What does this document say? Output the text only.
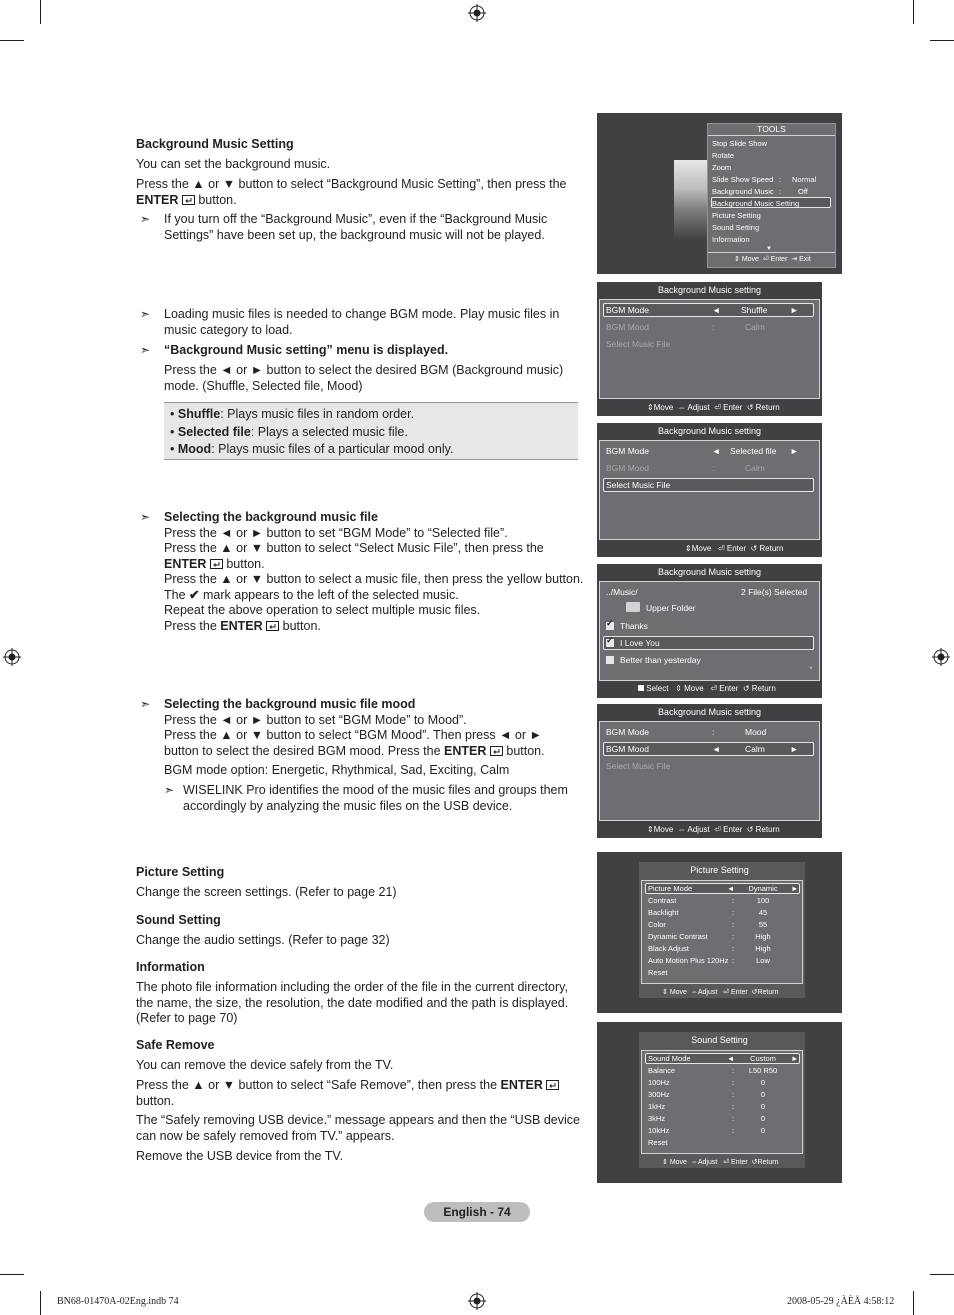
Background Music Setting
You can set the background music.
Press the ▲ or ▼ button to select “Background Music Setting”, then press the
ENTER button.
➣ If you turn off the “Background Music”, even if the “Background Music Settings” have been set up, the background music will not be played.
➣ Loading music files is needed to change BGM mode. Play music files in music category to load.
➣ “Background Music setting” menu is displayed.
Press the ◄ or ► button to select the desired BGM (Background music) mode. (Shuffle, Selected file, Mood)
• Shuffle: Plays music files in random order.
• Selected file: Plays a selected music file.
• Mood: Plays music files of a particular mood only.
➣ Selecting the background music file
Press the ◄ or ► button to set “BGM Mode” to “Selected file”.
Press the ▲ or ▼ button to select “Select Music File”, then press the
ENTER button.
Press the ▲ or ▼ button to select a music file, then press the yellow button.
The ✔ mark appears to the left of the selected music.
Repeat the above operation to select multiple music files.
Press the ENTER button.
➣ Selecting the background music file mood
Press the ◄ or ► button to set “BGM Mode” to Mood”.
Press the ▲ or ▼ button to select “BGM Mood”. Then press ◄ or ►
button to select the desired BGM mood. Press the ENTER button.
BGM mode option: Energetic, Rhythmical, Sad, Exciting, Calm
➣ WISELINK Pro identifies the mood of the music files and groups them accordingly by analyzing the music files on the USB device.
Picture Setting
Change the screen settings. (Refer to page 21)
Sound Setting
Change the audio settings. (Refer to page 32)
Information
The photo file information including the order of the file in the current directory, the name, the size, the resolution, the date modified and the path is displayed. (Refer to page 70)
Safe Remove
You can remove the device safely from the TV.
Press the ▲ or ▼ button to select “Safe Remove”, then press the ENTER
button.
The “Safely removing USB device.” message appears and then the “USB device can now be safely removed from TV.” appears.
Remove the USB device from the TV.
TOOLS
Stop Slide Show
Rotate
Zoom
Slide Show Speed : Normal
Background Music : Off
Background Music Setting
Picture Setting
Sound Setting
Information
▼
⇕ Move ⏎ Enter ⇥ Exit
Background Music setting
BGM Mode	◄ Shuffle	►
BGM Mood	:	Calm
Select Music File
⇕Move ⇔ Adjust ⏎ Enter ↺ Return
Background Music setting
BGM Mode	◄ Selected file ►
BGM Mood	:	Calm
Select Music File
⇕Move ⏎ Enter ↺ Return
Background Music setting
../Music/	2 File(s) Selected
Upper Folder
✓Thanks
✓I Love You
Better than yesterday
▼
Select ⇕ Move ⏎ Enter ↺ Return
Background Music setting
BGM Mode	:	Mood
BGM Mood	◄	Calm	►
Select Music File
⇕Move ⇔ Adjust ⏎ Enter ↺ Return
Picture Setting
Picture Mode	◄	►
Dynamic
Contrast	:	100
Backlight	:	45
Color	:	55
Dynamic Contrast	:	High
Black Adjust	:	High
Auto Motion Plus 120Hz :	Low
Reset
⇕ Move ⇔Adjust ⏎ Enter ↺Return
Sound Setting
Sound Mode	◄	►
Custom
Balance	:	L50 R50
100Hz	:	0
300Hz	:	0
1kHz	:	0
3kHz	:	0
10kHz	:	0
Reset
⇕ Move ⇔Adjust ⏎ Enter ↺Return
English - 74
BN68-01470A-02Eng.indb 74	2008-05-29 ¿ÀÈÄ 4:58:12
